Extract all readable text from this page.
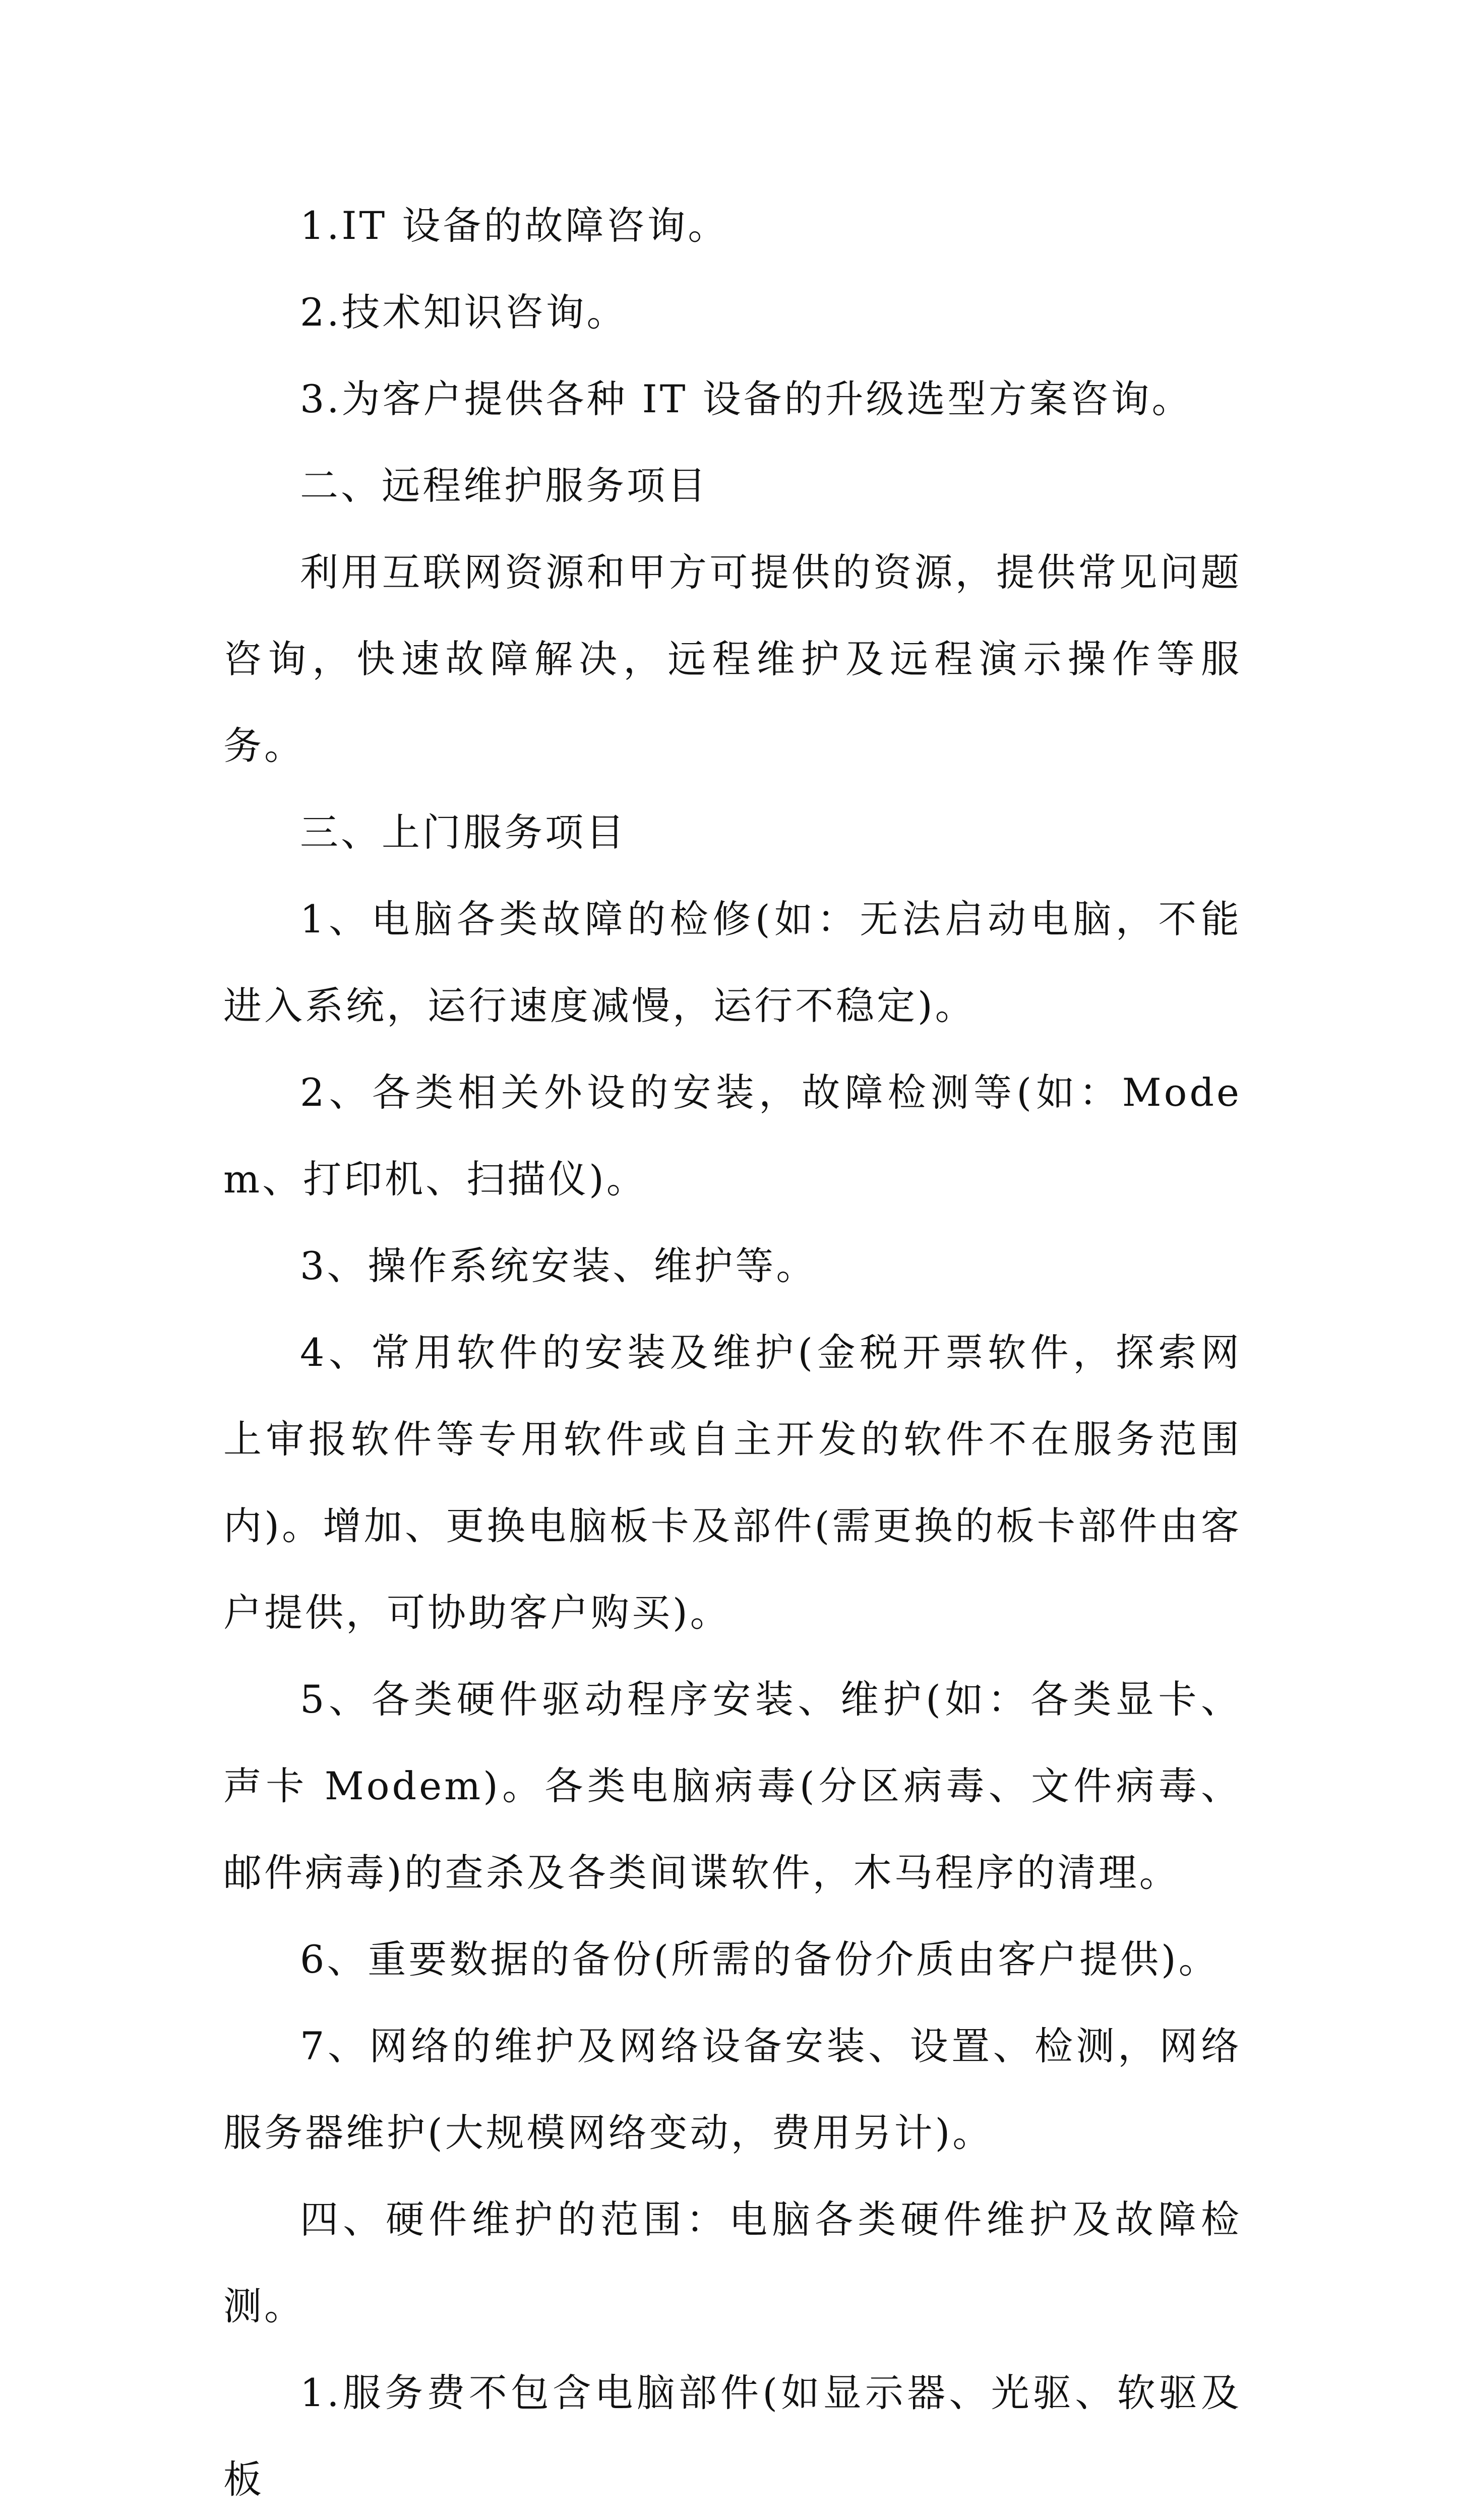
1.IT 设备的故障咨询。

2.技术知识咨询。

3.为客户提供各种 IT 设备的升级选型方案咨询。

二、远程维护服务项目

利用互联网资源和甲方可提供的资源，提供常见问题咨询，快速故障解决，远程维护及远程演示操作等服务。

三、上门服务项目

1、电脑各类故障的检修(如：无法启动电脑，不能进入系统，运行速度减慢，运行不稳定)。

2、各类相关外设的安装，故障检测等(如：Modem、打印机、扫描仪)。

3、操作系统安装、维护等。

4、常用软件的安装及维护(金税开票软件，探索网上审报软件等专用软件或自主开发的软件不在服务范围内)。增加、更换电脑板卡及部件(需更换的板卡部件由客户提供，可协助客户购买)。

5、各类硬件驱动程序安装、维护(如：各类显卡、声卡 Modem)。各类电脑病毒(分区病毒、文件病毒、邮件病毒)的查杀及各类间谍软件，木马程序的清理。

6、重要数据的备份(所需的备份介质由客户提供)。

7、网络的维护及网络设备安装、设置、检测，网络服务器维护(大规模网络变动，费用另计)。

四、硬件维护的范围：电脑各类硬件维护及故障检测。

1.服务费不包含电脑部件(如显示器、光驱、软驱及板
